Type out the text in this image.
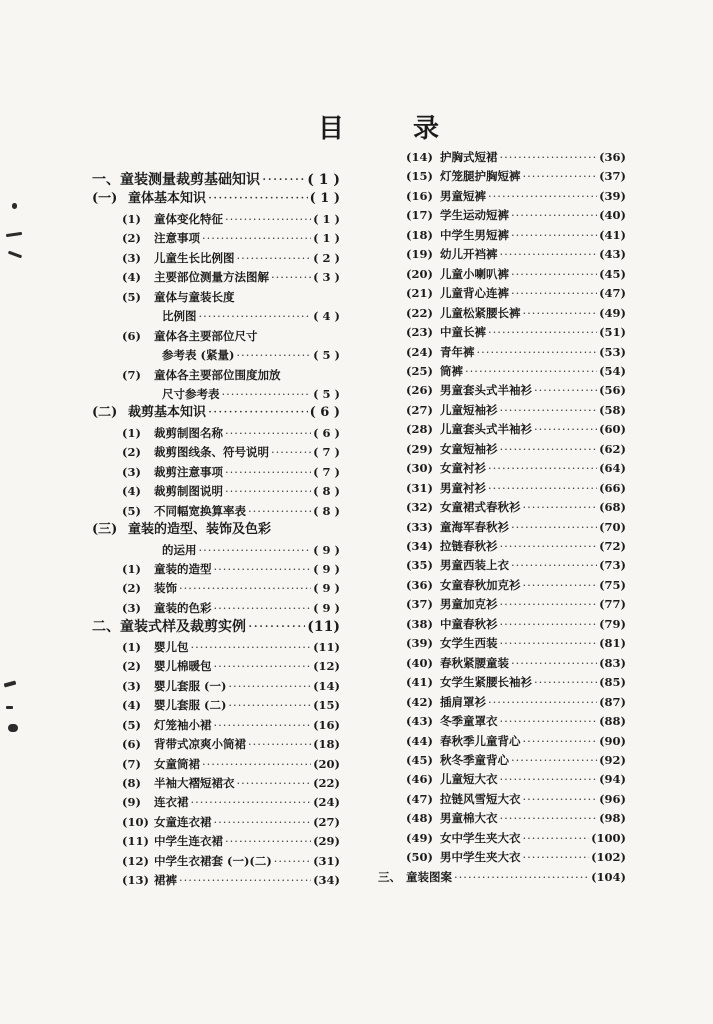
目 录
一、 童装测量裁剪基础知识 ·····	( 1 )
(一) 童体基本知识 ·····	( 1 )
(1)	童体变化特征 ·····	( 1 )
(2)	注意事项 ·····	( 1 )
(3)	儿童生长比例图 ·····	( 2 )
(4)	主要部位测量方法图解 ·····	( 3 )
(5)	童体与童装长度
比例图 ·····	( 4 )
(6)	童体各主要部位尺寸
参考表 (紧量) ·····	( 5 )
(7)	童体各主要部位围度加放
尺寸参考表 ·····	( 5 )
(二) 裁剪基本知识 ·····	( 6 )
(1)	裁剪制图名称 ·····	( 6 )
(2)	裁剪图线条、符号说明 ·····	( 7 )
(3)	裁剪注意事项 ·····	( 7 )
(4)	裁剪制图说明 ·····	( 8 )
(5)	不同幅宽换算率表 ·····	( 8 )
(三) 童装的造型、装饰及色彩
的运用 ·····	( 9 )
(1)	童装的造型 ·····	( 9 )
(2)	装饰 ·····	( 9 )
(3)	童装的色彩 ·····	( 9 )
二、 童装式样及裁剪实例 ·····	(11)
(1)	婴儿包 ·····	(11)
(2)	婴儿棉暖包 ·····	(12)
(3)	婴儿套服 (一) ·····	(14)
(4)	婴儿套服 (二) ·····	(15)
(5)	灯笼袖小裙 ·····	(16)
(6)	背带式凉爽小筒裙 ·····	(18)
(7)	女童筒裙 ·····	(20)
(8)	半袖大褶短裙衣 ·····	(22)
(9)	连衣裙 ·····	(24)
(10) 女童连衣裙 ·····	(27)
(11) 中学生连衣裙 ·····	(29)
(12) 中学生衣裙套 (一)(二) ·····	(31)
(13) 裙裤 ·····	(34)
(14) 护胸式短裙 ·····	(36)
(15) 灯笼腿护胸短裤 ·····	(37)
(16) 男童短裤 ·····	(39)
(17) 学生运动短裤 ·····	(40)
(18) 中学生男短裤 ·····	(41)
(19) 幼儿开裆裤 ·····	(43)
(20) 儿童小喇叭裤 ·····	(45)
(21) 儿童背心连裤 ·····	(47)
(22) 儿童松紧腰长裤 ·····	(49)
(23) 中童长裤 ·····	(51)
(24) 青年裤 ·····	(53)
(25) 筒裤 ·····	(54)
(26) 男童套头式半袖衫 ·····	(56)
(27) 儿童短袖衫 ·····	(58)
(28) 儿童套头式半袖衫 ·····	(60)
(29) 女童短袖衫 ·····	(62)
(30) 女童衬衫 ·····	(64)
(31) 男童衬衫 ·····	(66)
(32) 女童裙式春秋衫 ·····	(68)
(33) 童海军春秋衫 ·····	(70)
(34) 拉链春秋衫 ·····	(72)
(35) 男童西装上衣 ·····	(73)
(36) 女童春秋加克衫 ·····	(75)
(37) 男童加克衫 ·····	(77)
(38) 中童春秋衫 ·····	(79)
(39) 女学生西装 ·····	(81)
(40) 春秋紧腰童装 ·····	(83)
(41) 女学生紧腰长袖衫 ·····	(85)
(42) 插肩罩衫 ·····	(87)
(43) 冬季童罩衣 ·····	(88)
(44) 春秋季儿童背心 ·····	(90)
(45) 秋冬季童背心 ·····	(92)
(46) 儿童短大衣 ·····	(94)
(47) 拉链风雪短大衣 ·····	(96)
(48) 男童棉大衣 ·····	(98)
(49) 女中学生夹大衣 ·····	(100)
(50) 男中学生夹大衣 ·····	(102)
三、 童装图案 ·····	(104)
